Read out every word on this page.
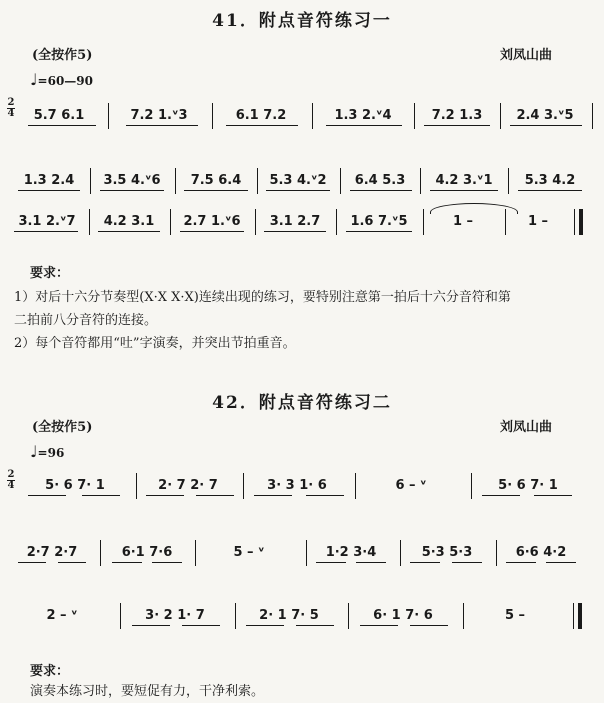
41．附点音符练习一
(全按作5)	刘凤山曲
♩=60—90
2
4	5.7 6.1	7.2 1.ᵛ3	6.1 7.2	1.3 2.ᵛ4	7.2 1.3	2.4 3.ᵛ5
1.3 2.4	3.5 4.ᵛ6	7.5 6.4	5.3 4.ᵛ2	6.4 5.3	4.2 3.ᵛ1	5.3 4.2
3.1 2.ᵛ7	4.2 3.1	2.7 1.ᵛ6	3.1 2.7	1.6 7.ᵛ5	1 –	1 –
要求：
1）对后十六分节奏型(X·X X·X)连续出现的练习，要特别注意第一拍后十六分音符和第
二拍前八分音符的连接。
2）每个音符都用“吐”字演奏，并突出节拍重音。
42．附点音符练习二
(全按作5)	刘凤山曲
♩=96
2
4	5· 6 7· 1	2· 7 2· 7	3· 3 1· 6	6 – ᵛ	5· 6 7· 1
2·7 2·7	6·1 7·6	5 – ᵛ	1·2 3·4	5·3 5·3	6·6 4·2
2 – ᵛ	3· 2 1· 7	2· 1 7· 5	6· 1 7· 6	5 –
要求：
演奏本练习时，要短促有力，干净利索。
